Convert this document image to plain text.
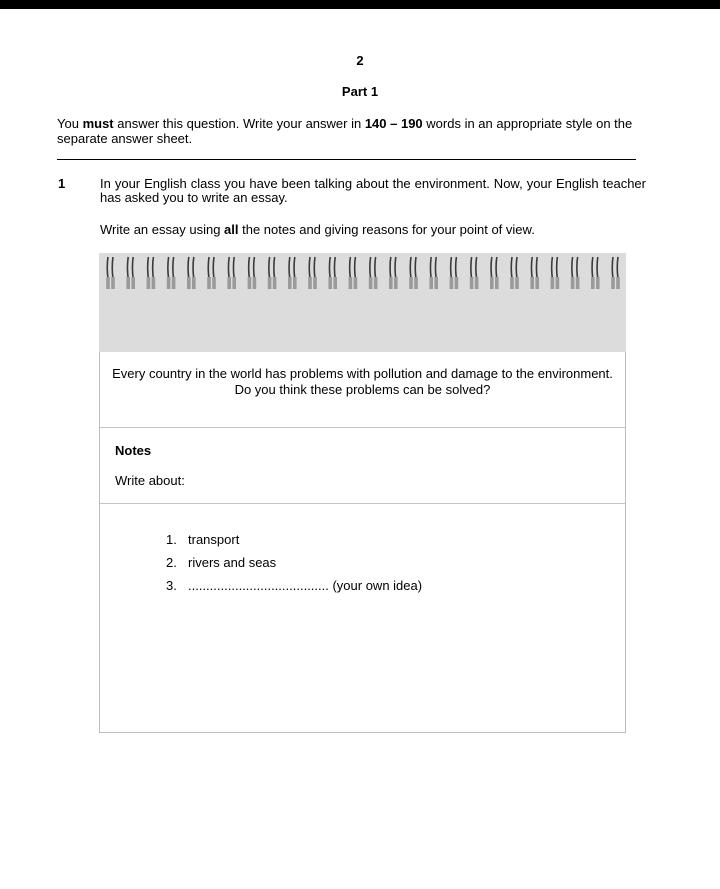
2
Part 1
You must answer this question. Write your answer in 140 – 190 words in an appropriate style on the separate answer sheet.
1	In your English class you have been talking about the environment. Now, your English teacher has asked you to write an essay.
Write an essay using all the notes and giving reasons for your point of view.
Every country in the world has problems with pollution and damage to the environment.
Do you think these problems can be solved?
Notes
Write about:
1. transport
2. rivers and seas
3. ....................................... (your own idea)
